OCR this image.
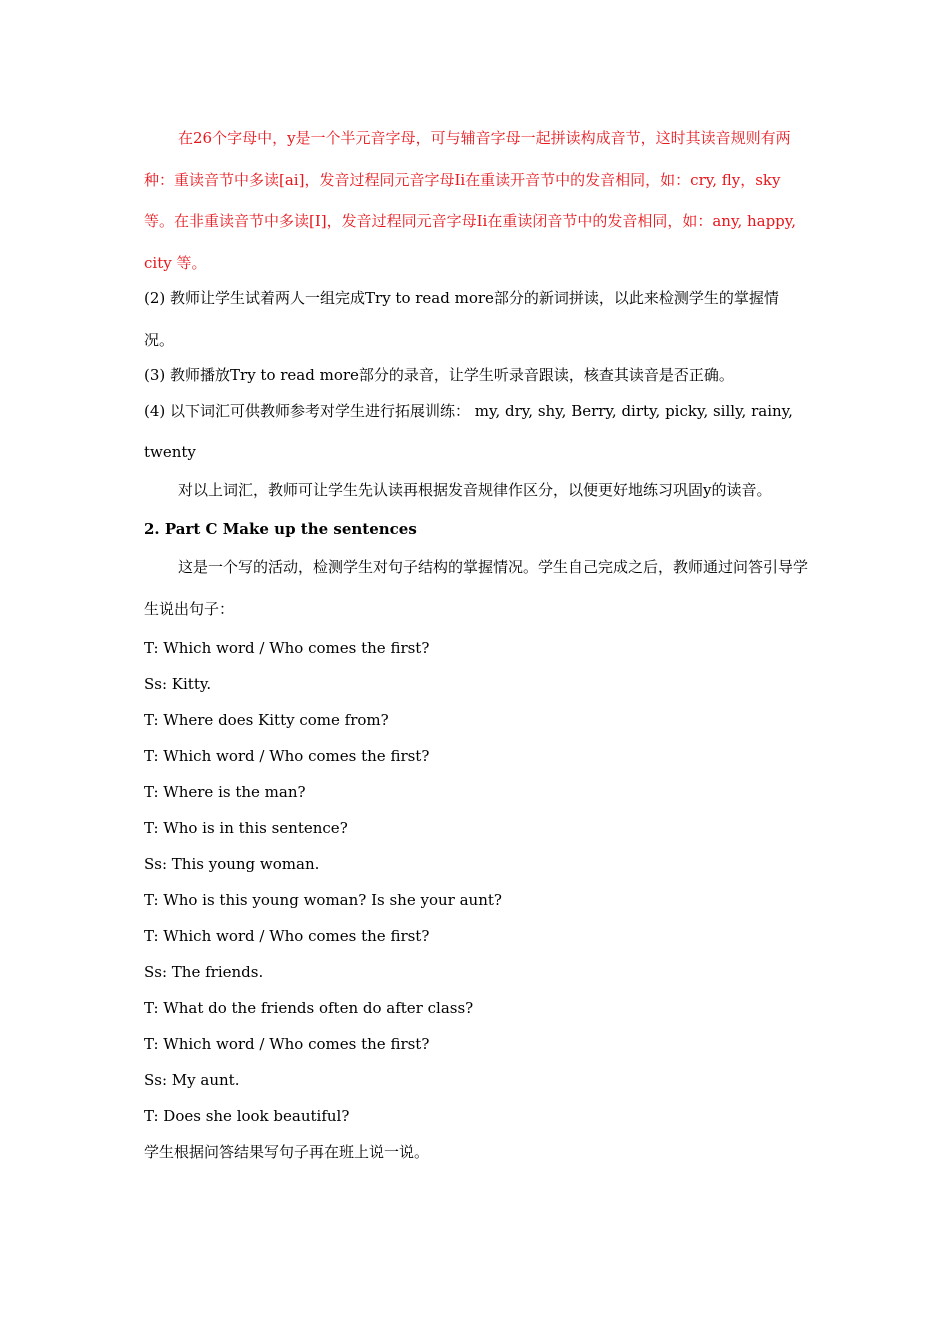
在26个字母中，y是一个半元音字母，可与辅音字母一起拼读构成音节，这时其读音规则有两种：重读音节中多读[ai]，发音过程同元音字母Ii在重读开音节中的发音相同，如：cry, fly，sky等。在非重读音节中多读[I]，发音过程同元音字母Ii在重读闭音节中的发音相同，如：any, happy, city 等。

(2) 教师让学生试着两人一组完成Try to read more部分的新词拼读，以此来检测学生的掌握情况。

(3) 教师播放Try to read more部分的录音，让学生听录音跟读，核查其读音是否正确。

(4) 以下词汇可供教师参考对学生进行拓展训练： my, dry, shy, Berry, dirty, picky, silly, rainy, twenty

对以上词汇，教师可让学生先认读再根据发音规律作区分，以便更好地练习巩固y的读音。

2. Part C Make up the sentences

这是一个写的活动，检测学生对句子结构的掌握情况。学生自己完成之后，教师通过问答引导学生说出句子：

T: Which word / Who comes the first?

Ss: Kitty.

T: Where does Kitty come from?

T: Which word / Who comes the first?

T: Where is the man?

T: Who is in this sentence?

Ss: This young woman.

T: Who is this young woman? Is she your aunt?

T: Which word / Who comes the first?

Ss: The friends.

T: What do the friends often do after class?

T: Which word / Who comes the first?

Ss: My aunt.

T: Does she look beautiful?

学生根据问答结果写句子再在班上说一说。
